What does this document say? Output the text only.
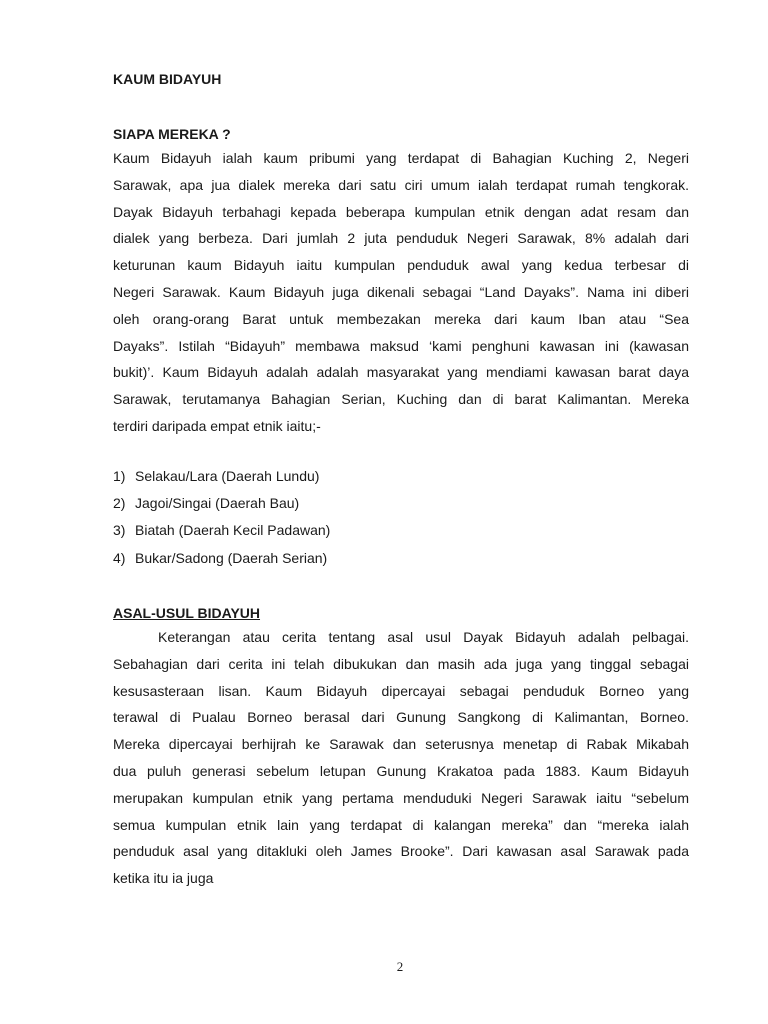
KAUM BIDAYUH
SIAPA MEREKA ?

Kaum Bidayuh ialah kaum pribumi yang terdapat di Bahagian Kuching 2, Negeri
Sarawak, apa jua dialek mereka dari satu ciri umum ialah terdapat rumah tengkorak.
Dayak Bidayuh terbahagi kepada beberapa kumpulan etnik dengan adat resam dan
dialek yang berbeza. Dari jumlah 2 juta penduduk Negeri Sarawak, 8% adalah dari
keturunan kaum Bidayuh iaitu kumpulan penduduk awal yang kedua terbesar di
Negeri Sarawak. Kaum Bidayuh juga dikenali sebagai “Land Dayaks”. Nama ini diberi
oleh orang-orang Barat untuk membezakan mereka dari kaum Iban atau “Sea
Dayaks”. Istilah “Bidayuh” membawa maksud ‘kami penghuni kawasan ini (kawasan
bukit)’. Kaum Bidayuh adalah adalah masyarakat yang mendiami kawasan barat daya
Sarawak, terutamanya Bahagian Serian, Kuching dan di barat Kalimantan. Mereka
terdiri daripada empat etnik iaitu;-

1) Selakau/Lara (Daerah Lundu)
2) Jagoi/Singai (Daerah Bau)
3) Biatah (Daerah Kecil Padawan)
4) Bukar/Sadong (Daerah Serian)
ASAL-USUL BIDAYUH

Keterangan atau cerita tentang asal usul Dayak Bidayuh adalah pelbagai.
Sebahagian dari cerita ini telah dibukukan dan masih ada juga yang tinggal sebagai
kesusasteraan lisan. Kaum Bidayuh dipercayai sebagai penduduk Borneo yang
terawal di Pualau Borneo berasal dari Gunung Sangkong di Kalimantan, Borneo.
Mereka dipercayai berhijrah ke Sarawak dan seterusnya menetap di Rabak Mikabah
dua puluh generasi sebelum letupan Gunung Krakatoa pada 1883. Kaum Bidayuh
merupakan kumpulan etnik yang pertama menduduki Negeri Sarawak iaitu “sebelum
semua kumpulan etnik lain yang terdapat di kalangan mereka” dan “mereka ialah
penduduk asal yang ditakluki oleh James Brooke”. Dari kawasan asal Sarawak pada
ketika itu ia juga

2
